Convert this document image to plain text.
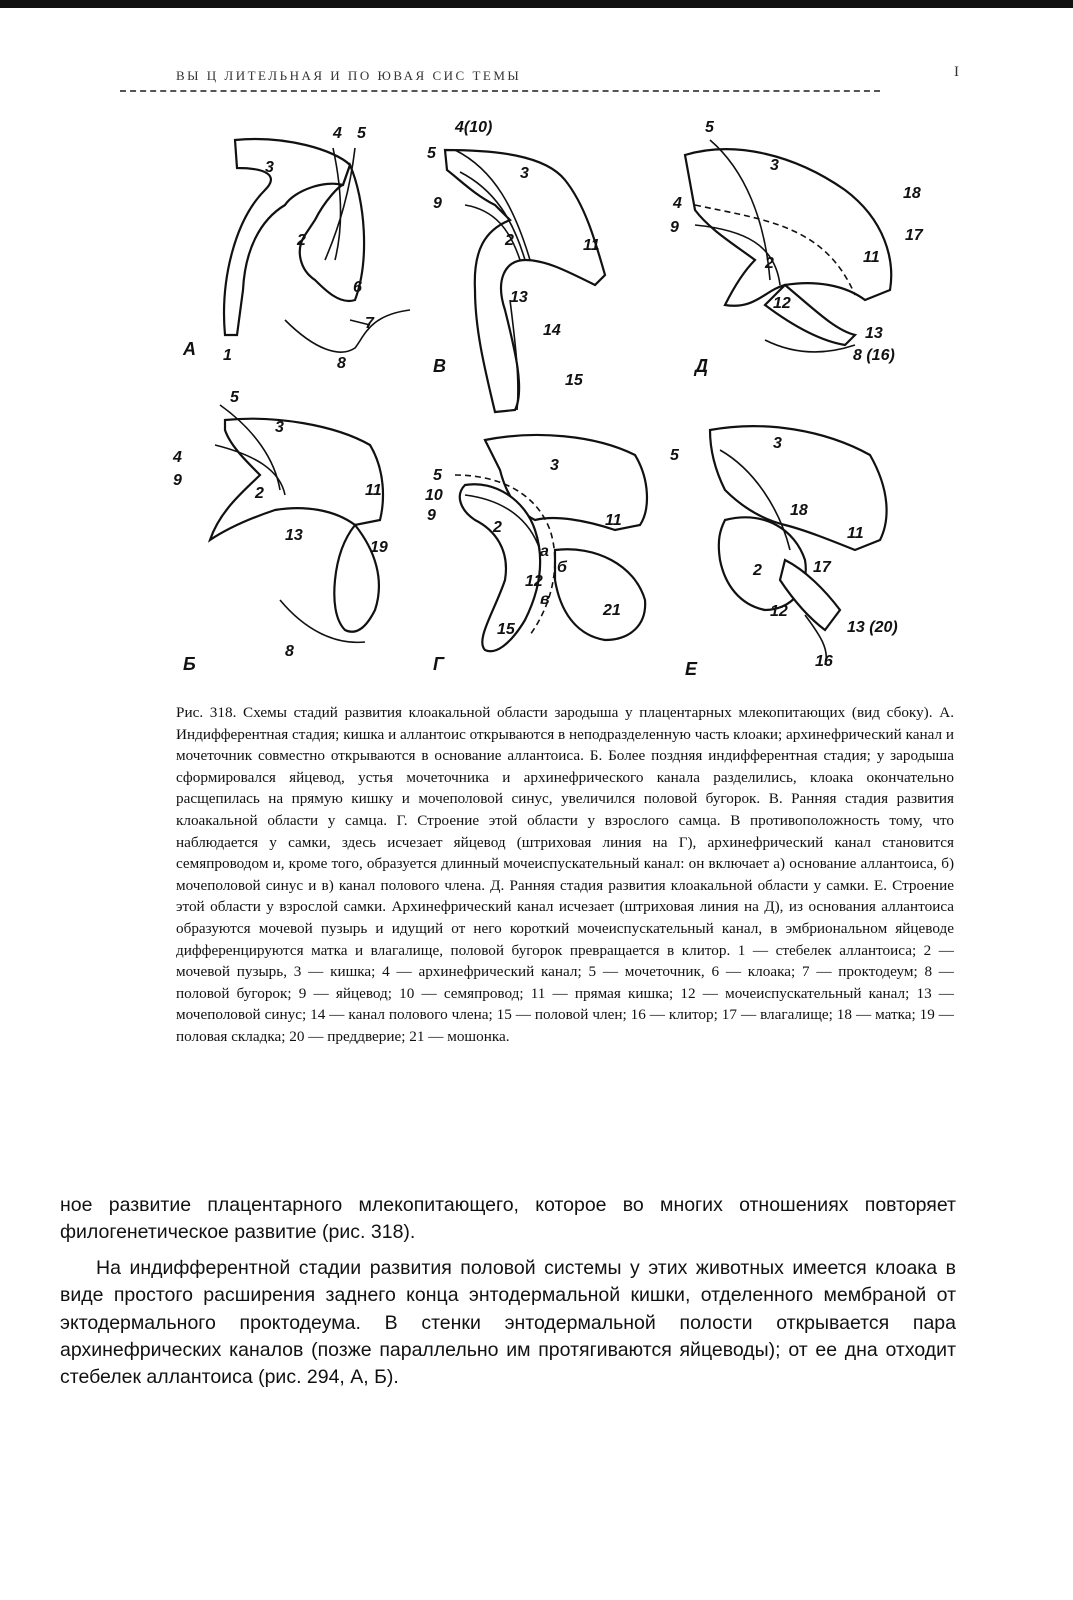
ВЫ Ц ЛИТЕЛЬНАЯ И ПО ЮВАЯ СИС ТЕМЫ	I
3
4 5
2
6
7
1	8
A
4(10)
5
9
3
2	11
13
14
15
В
5
3
18
4
9	17
2	11
12
13
8 (16)
Д
5
3
4
9
2	11
13
19
8
Б
3
5
10
9
2	11
а
б
12
в
21
15
Г
3
5
18
11
2	17
12
13 (20)
16
Е

Рис. 318. Схемы стадий развития клоакальной области зародыша у плацентарных млекопитающих (вид сбоку). А. Индифферентная стадия; кишка и аллантоис открываются в неподразделенную часть клоаки; архинефрический канал и мочеточник совместно открываются в основание аллантоиса. Б. Более поздняя индифферентная стадия; у зародыша сформировался яйцевод, устья мочеточника и архинефрического канала разделились, клоака окончательно расщепилась на прямую кишку и мочеполовой синус, увеличился половой бугорок. В. Ранняя стадия развития клоакальной области у самца. Г. Строение этой области у взрослого самца. В противоположность тому, что наблюдается у самки, здесь исчезает яйцевод (штриховая линия на Г), архинефрический канал становится семяпроводом и, кроме того, образуется длинный мочеиспускательный канал: он включает а) основание аллантоиса, б) мочеполовой синус и в) канал полового члена. Д. Ранняя стадия развития клоакальной области у самки. Е. Строение этой области у взрослой самки. Архинефрический канал исчезает (штриховая линия на Д), из основания аллантоиса образуются мочевой пузырь и идущий от него короткий мочеиспускательный канал, в эмбриональном яйцеводе дифференцируются матка и влагалище, половой бугорок превращается в клитор. 1 — стебелек аллантоиса; 2 — мочевой пузырь, 3 — кишка; 4 — архинефрический канал; 5 — мочеточник, 6 — клоака; 7 — проктодеум; 8 — половой бугорок; 9 — яйцевод; 10 — семяпровод; 11 — прямая кишка; 12 — мочеиспускательный канал; 13 — мочеполовой синус; 14 — канал полового члена; 15 — половой член; 16 — клитор; 17 — влагалище; 18 — матка; 19 — половая складка; 20 — преддверие; 21 — мошонка.

ное развитие плацентарного млекопитающего, которое во многих отношениях повторяет филогенетическое развитие (рис. 318).

На индифферентной стадии развития половой системы у этих животных имеется клоака в виде простого расширения заднего конца энтодермальной кишки, отделенного мембраной от эктодермального проктодеума. В стенки энтодермальной полости открывается пара архинефрических каналов (позже параллельно им протягиваются яйцеводы); от ее дна отходит стебелек аллантоиса (рис. 294, А, Б).
